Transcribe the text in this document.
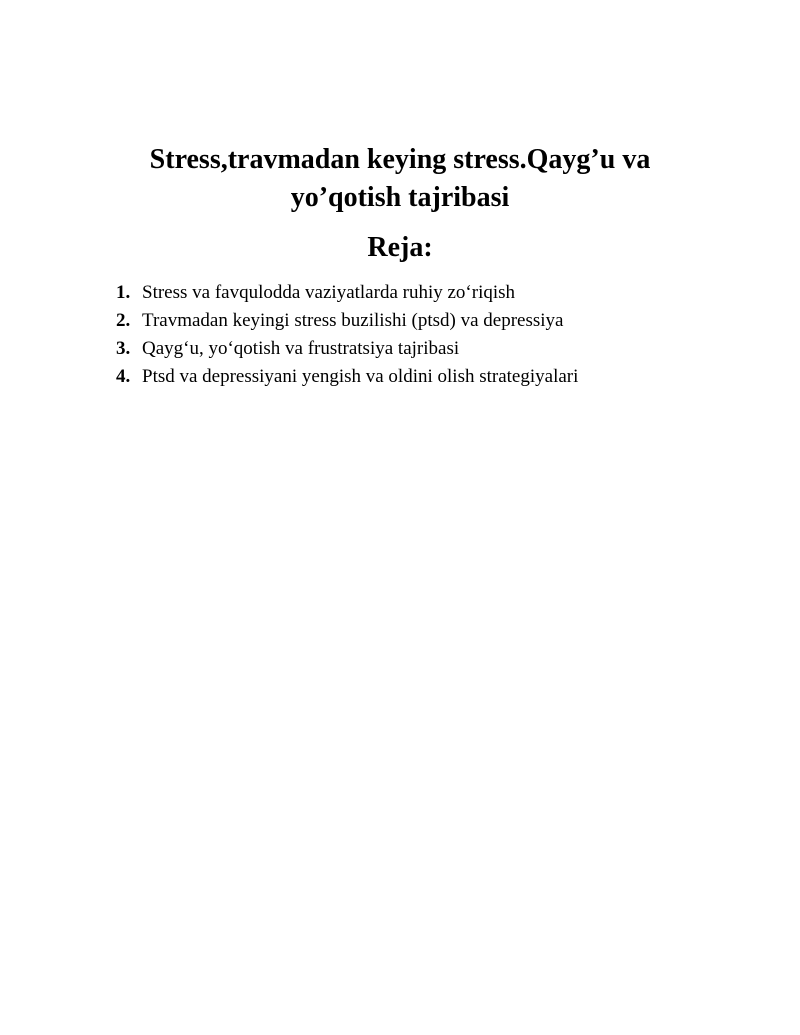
Stress,travmadan keying stress.Qayg’u va
yo’qotish tajribasi
Reja:
1. Stress va favqulodda vaziyatlarda ruhiy zo‘riqish
2. Travmadan keyingi stress buzilishi (ptsd) va depressiya
3. Qayg‘u, yo‘qotish va frustratsiya tajribasi
4. Ptsd va depressiyani yengish va oldini olish strategiyalari
